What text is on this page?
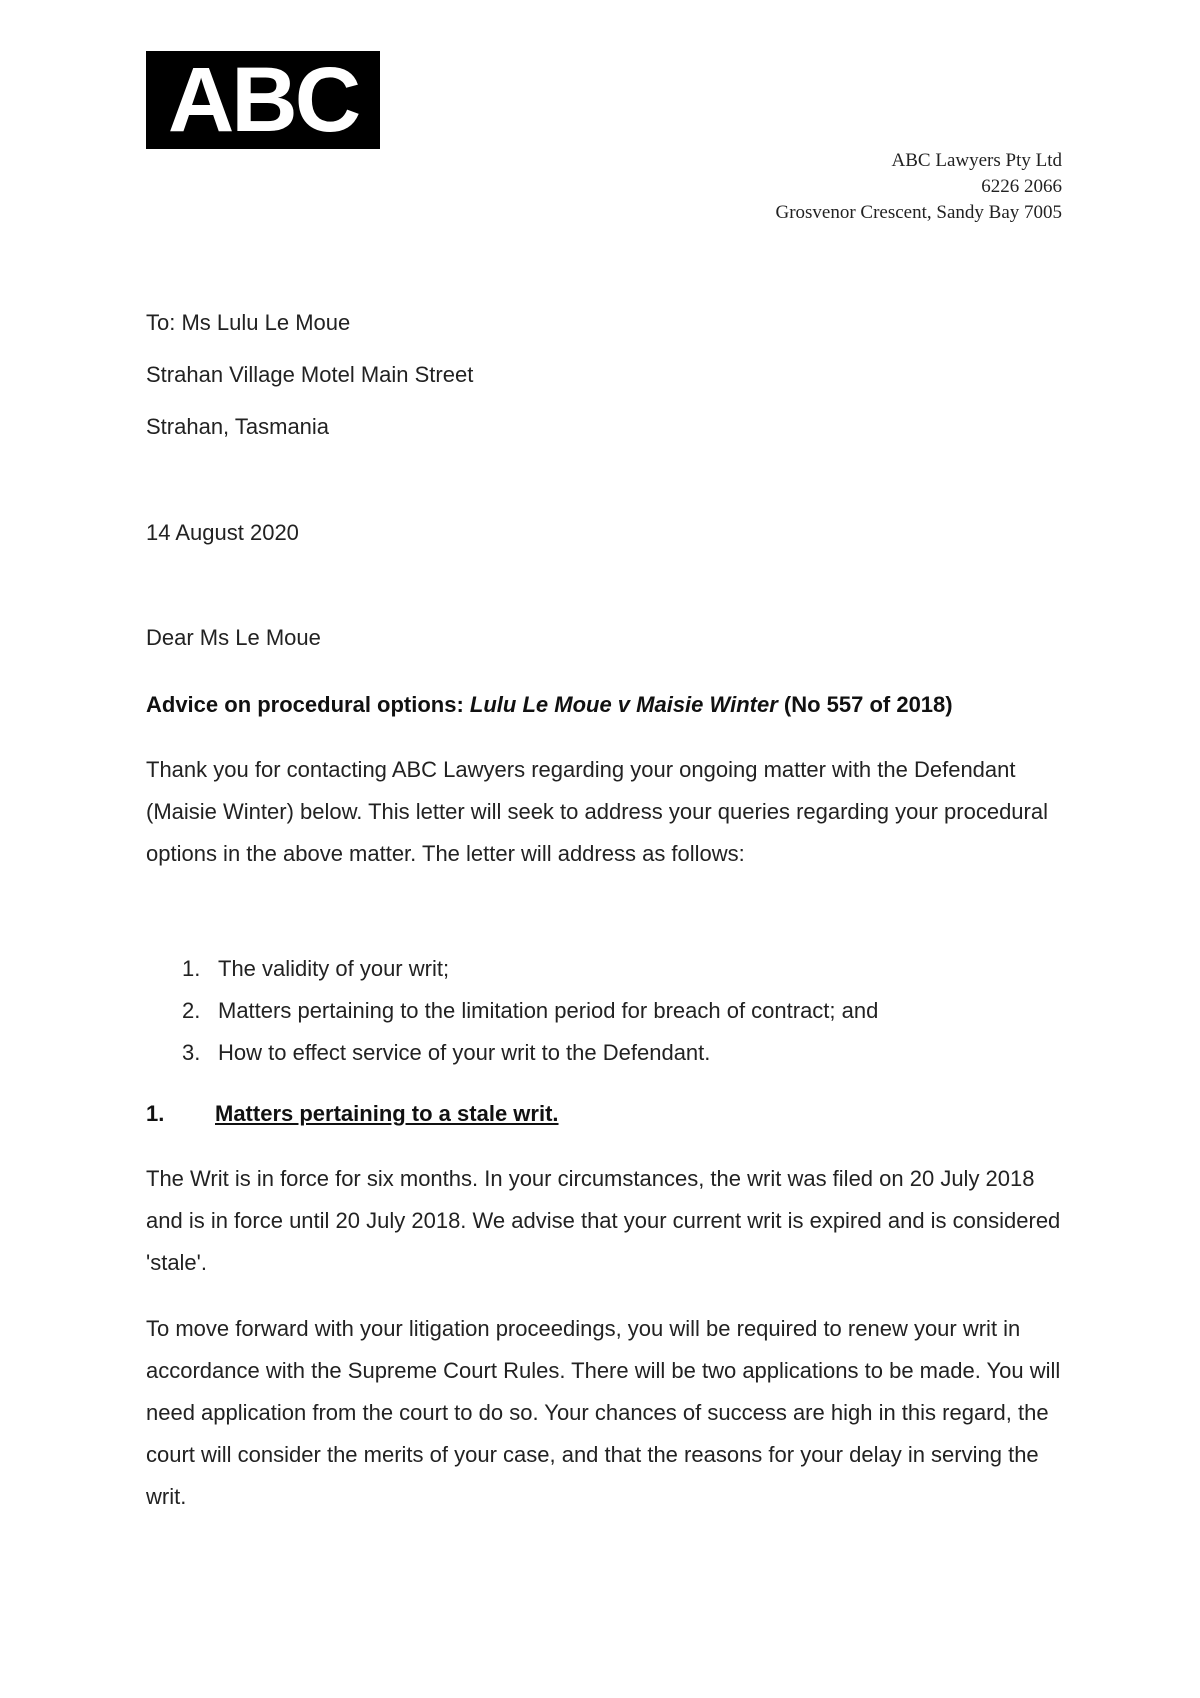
ABC
ABC Lawyers Pty Ltd
6226 2066
Grosvenor Crescent, Sandy Bay 7005
To: Ms Lulu Le Moue
Strahan Village Motel Main Street
Strahan, Tasmania
14 August 2020
Dear Ms Le Moue
Advice on procedural options: Lulu Le Moue v Maisie Winter (No 557 of 2018)

Thank you for contacting ABC Lawyers regarding your ongoing matter with the Defendant (Maisie Winter) below. This letter will seek to address your queries regarding your procedural options in the above matter. The letter will address as follows:

1. The validity of your writ;
2. Matters pertaining to the limitation period for breach of contract; and
3. How to effect service of your writ to the Defendant.
1. Matters pertaining to a stale writ.

The Writ is in force for six months. In your circumstances, the writ was filed on 20 July 2018 and is in force until 20 July 2018. We advise that your current writ is expired and is considered 'stale'.

To move forward with your litigation proceedings, you will be required to renew your writ in accordance with the Supreme Court Rules. There will be two applications to be made. You will need application from the court to do so. Your chances of success are high in this regard, the court will consider the merits of your case, and that the reasons for your delay in serving the writ.
